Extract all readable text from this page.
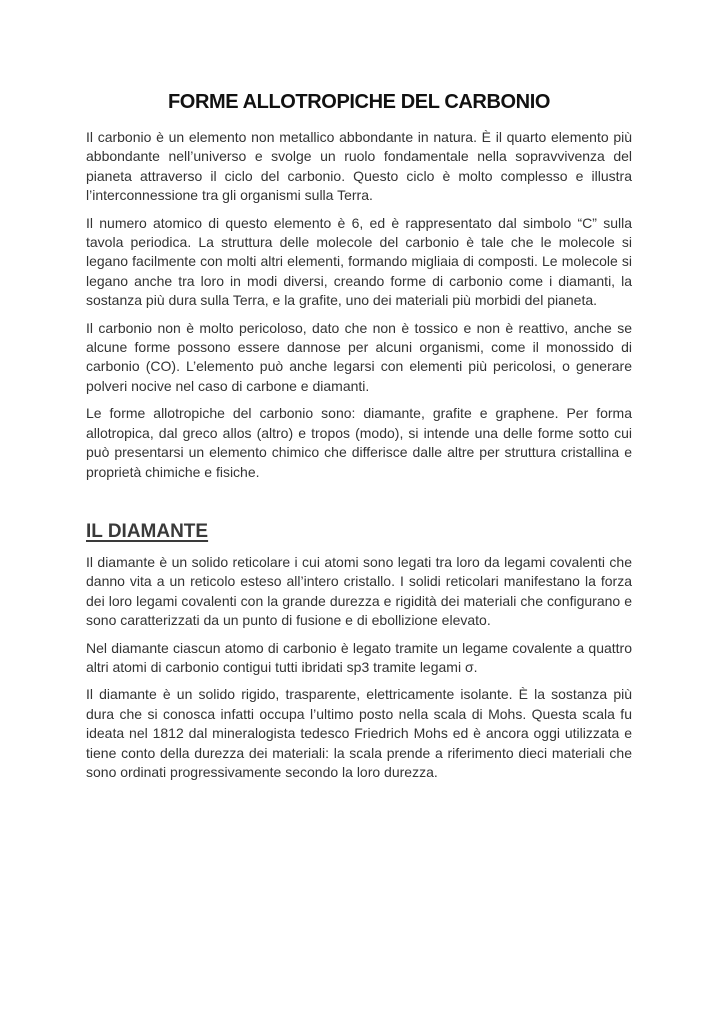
FORME ALLOTROPICHE DEL CARBONIO

Il carbonio è un elemento non metallico abbondante in natura. È il quarto elemento più abbondante nell’universo e svolge un ruolo fondamentale nella sopravvivenza del pianeta attraverso il ciclo del carbonio. Questo ciclo è molto complesso e illustra l’interconnessione tra gli organismi sulla Terra.

Il numero atomico di questo elemento è 6, ed è rappresentato dal simbolo “C” sulla tavola periodica. La struttura delle molecole del carbonio è tale che le molecole si legano facilmente con molti altri elementi, formando migliaia di composti. Le molecole si legano anche tra loro in modi diversi, creando forme di carbonio come i diamanti, la sostanza più dura sulla Terra, e la grafite, uno dei materiali più morbidi del pianeta.

Il carbonio non è molto pericoloso, dato che non è tossico e non è reattivo, anche se alcune forme possono essere dannose per alcuni organismi, come il monossido di carbonio (CO). L’elemento può anche legarsi con elementi più pericolosi, o generare polveri nocive nel caso di carbone e diamanti.

Le forme allotropiche del carbonio sono: diamante, grafite e graphene. Per forma allotropica, dal greco allos (altro) e tropos (modo), si intende una delle forme sotto cui può presentarsi un elemento chimico che differisce dalle altre per struttura cristallina e proprietà chimiche e fisiche.

IL DIAMANTE

Il diamante è un solido reticolare i cui atomi sono legati tra loro da legami covalenti che danno vita a un reticolo esteso all’intero cristallo. I solidi reticolari manifestano la forza dei loro legami covalenti con la grande durezza e rigidità dei materiali che configurano e sono caratterizzati da un punto di fusione e di ebollizione elevato.

Nel diamante ciascun atomo di carbonio è legato tramite un legame covalente a quattro altri atomi di carbonio contigui tutti ibridati sp3 tramite legami σ.

Il diamante è un solido rigido, trasparente, elettricamente isolante. È la sostanza più dura che si conosca infatti occupa l’ultimo posto nella scala di Mohs. Questa scala fu ideata nel 1812 dal mineralogista tedesco Friedrich Mohs ed è ancora oggi utilizzata e tiene conto della durezza dei materiali: la scala prende a riferimento dieci materiali che sono ordinati progressivamente secondo la loro durezza.
